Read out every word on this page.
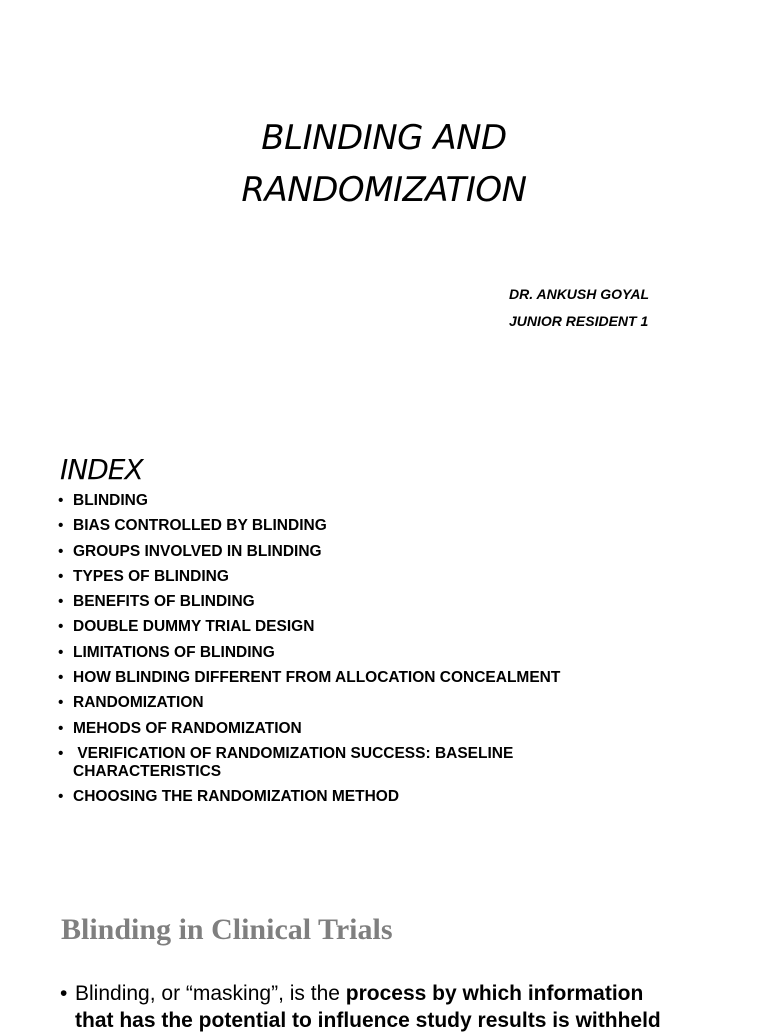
BLINDING AND
RANDOMIZATION
DR. ANKUSH GOYAL
JUNIOR RESIDENT 1
INDEX
• BLINDING
• BIAS CONTROLLED BY BLINDING
• GROUPS INVOLVED IN BLINDING
• TYPES OF BLINDING
• BENEFITS OF BLINDING
• DOUBLE DUMMY TRIAL DESIGN
• LIMITATIONS OF BLINDING
• HOW BLINDING DIFFERENT FROM ALLOCATION CONCEALMENT
• RANDOMIZATION
• MEHODS OF RANDOMIZATION
• VERIFICATION OF RANDOMIZATION SUCCESS: BASELINE CHARACTERISTICS
• CHOOSING THE RANDOMIZATION METHOD
Blinding in Clinical Trials
• Blinding, or “masking”, is the process by which information
that has the potential to influence study results is withheld
